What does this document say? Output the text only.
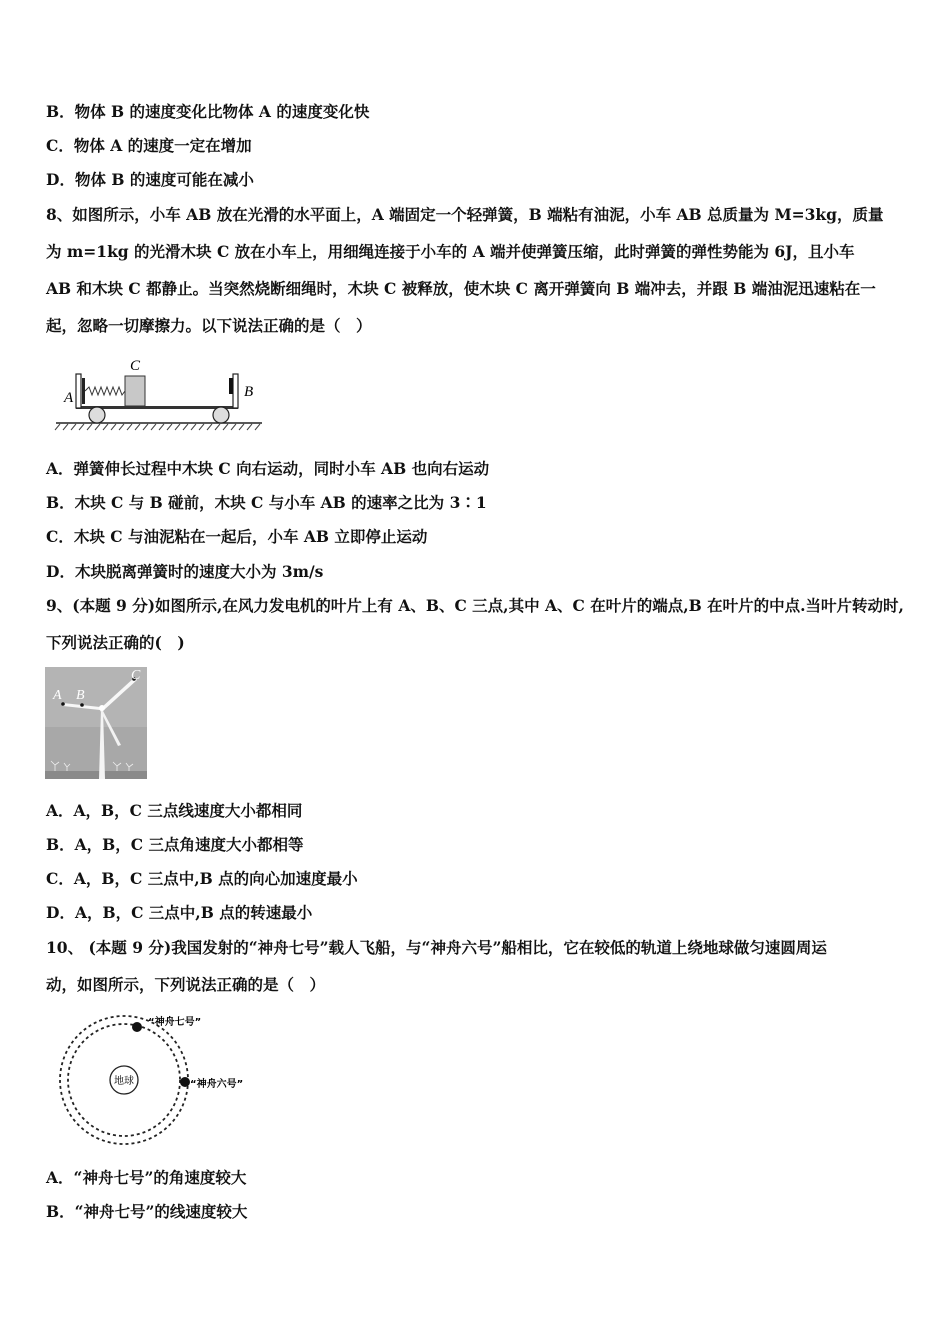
B．物体 B 的速度变化比物体 A 的速度变化快
C．物体 A 的速度一定在增加
D．物体 B 的速度可能在减小
8、如图所示，小车 AB 放在光滑的水平面上，A 端固定一个轻弹簧，B 端粘有油泥，小车 AB 总质量为 M=3kg，质量
为 m=1kg 的光滑木块 C 放在小车上，用细绳连接于小车的 A 端并使弹簧压缩，此时弹簧的弹性势能为 6J，且小车
AB 和木块 C 都静止。当突然烧断细绳时，木块 C 被释放，使木块 C 离开弹簧向 B 端冲去，并跟 B 端油泥迅速粘在一
起，忽略一切摩擦力。以下说法正确的是（　）
C
A	B
A．弹簧伸长过程中木块 C 向右运动，同时小车 AB 也向右运动
B．木块 C 与 B 碰前，木块 C 与小车 AB 的速率之比为 3∶1
C．木块 C 与油泥粘在一起后，小车 AB 立即停止运动
D．木块脱离弹簧时的速度大小为 3m/s
9、(本题 9 分)如图所示,在风力发电机的叶片上有 A、B、C 三点,其中 A、C 在叶片的端点,B 在叶片的中点.当叶片转动时,
下列说法正确的(　)
A B
C
A．A，B，C 三点线速度大小都相同
B．A，B，C 三点角速度大小都相等
C．A，B，C 三点中,B 点的向心加速度最小
D．A，B，C 三点中,B 点的转速最小
10、 (本题 9 分)我国发射的“神舟七号”载人飞船，与“神舟六号”船相比，它在较低的轨道上绕地球做匀速圆周运
动，如图所示，下列说法正确的是（　）
地球
“神舟七号”
“神舟六号”
A．“神舟七号”的角速度较大
B．“神舟七号”的线速度较大
